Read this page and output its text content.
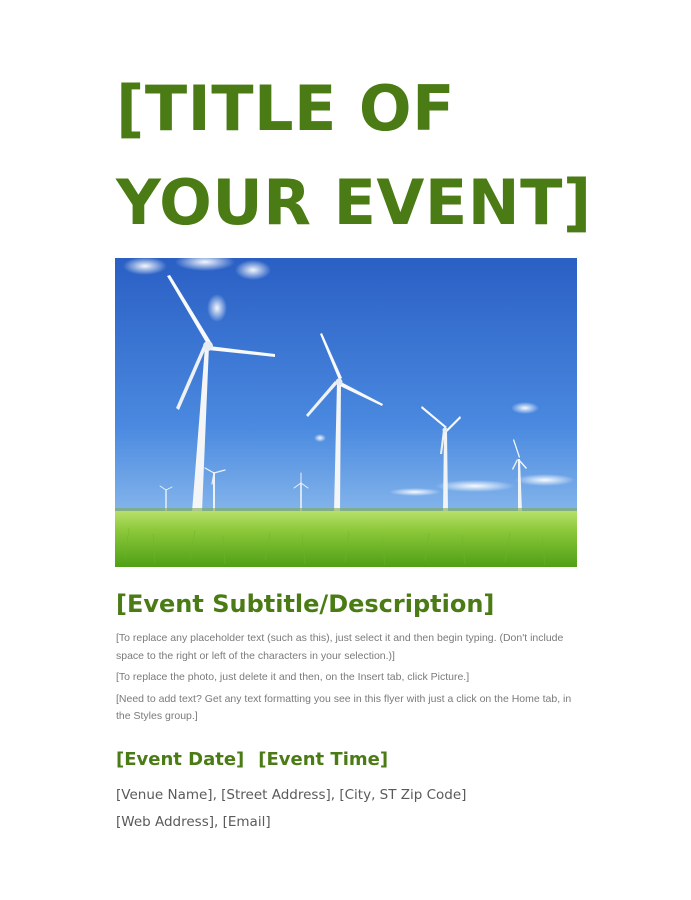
[TITLE OF
YOUR EVENT]
[Event Subtitle/Description]

[To replace any placeholder text (such as this), just select it and then begin typing. (Don't include space to the right or left of the characters in your selection.)]

[To replace the photo, just delete it and then, on the Insert tab, click Picture.]

[Need to add text? Get any text formatting you see in this flyer with just a click on the Home tab, in the Styles group.]

[Event Date] [Event Time]
[Venue Name], [Street Address], [City, ST Zip Code]
[Web Address], [Email]
